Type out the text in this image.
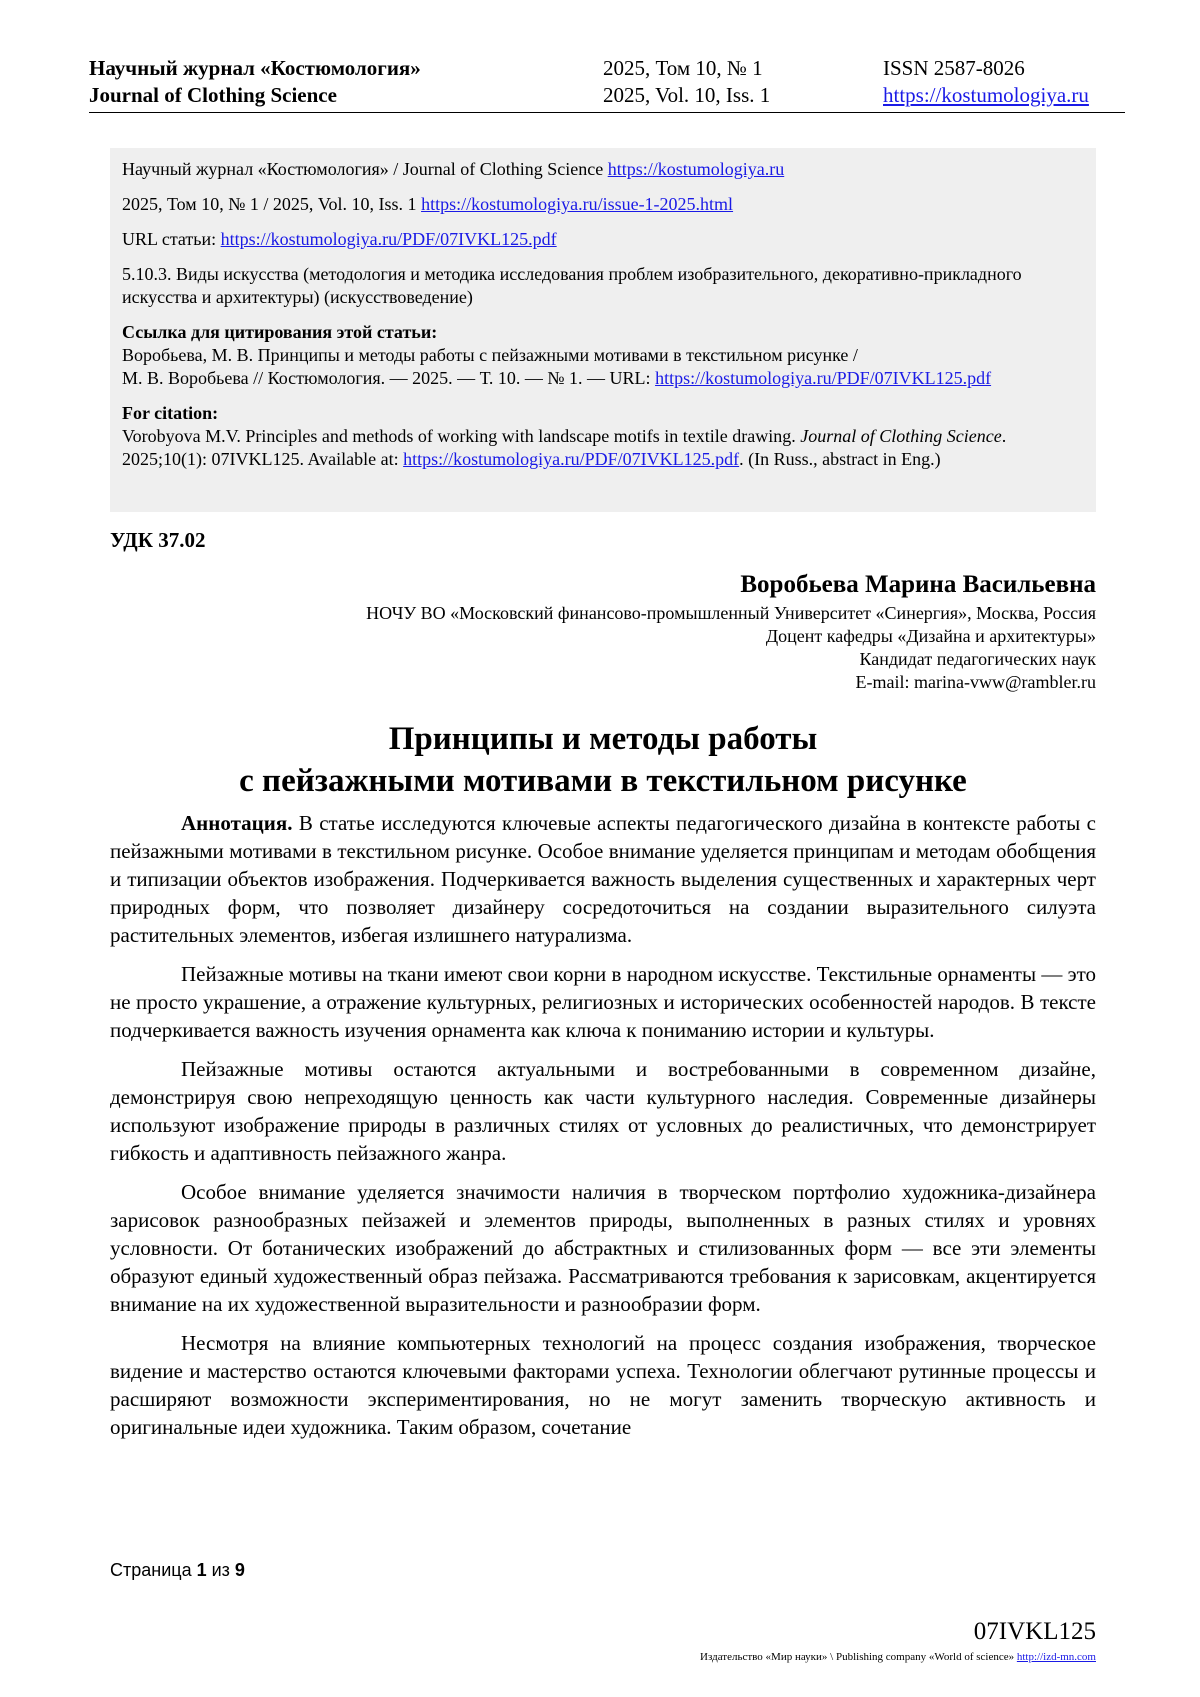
Научный журнал «Костюмология»
Journal of Clothing Science
2025, Том 10, № 1
2025, Vol. 10, Iss. 1
ISSN 2587-8026
https://kostumologiya.ru

Научный журнал «Костюмология» / Journal of Clothing Science https://kostumologiya.ru

2025, Том 10, № 1 / 2025, Vol. 10, Iss. 1 https://kostumologiya.ru/issue-1-2025.html

URL статьи: https://kostumologiya.ru/PDF/07IVKL125.pdf

5.10.3. Виды искусства (методология и методика исследования проблем изобразительного, декоративно-прикладного искусства и архитектуры) (искусствоведение)

Ссылка для цитирования этой статьи:
Воробьева, М. В. Принципы и методы работы с пейзажными мотивами в текстильном рисунке /
М. В. Воробьева // Костюмология. — 2025. — Т. 10. — № 1. — URL: https://kostumologiya.ru/PDF/07IVKL125.pdf

For citation:
Vorobyova M.V. Principles and methods of working with landscape motifs in textile drawing. Journal of Clothing Science. 2025;10(1): 07IVKL125. Available at: https://kostumologiya.ru/PDF/07IVKL125.pdf. (In Russ., abstract in Eng.)

УДК 37.02
Воробьева Марина Васильевна
НОЧУ ВО «Московский финансово-промышленный Университет «Синергия», Москва, Россия
Доцент кафедры «Дизайна и архитектуры»
Кандидат педагогических наук
E-mail: marina-vww@rambler.ru
Принципы и методы работы
с пейзажными мотивами в текстильном рисунке

Аннотация. В статье исследуются ключевые аспекты педагогического дизайна в контексте работы с пейзажными мотивами в текстильном рисунке. Особое внимание уделяется принципам и методам обобщения и типизации объектов изображения. Подчеркивается важность выделения существенных и характерных черт природных форм, что позволяет дизайнеру сосредоточиться на создании выразительного силуэта растительных элементов, избегая излишнего натурализма.

Пейзажные мотивы на ткани имеют свои корни в народном искусстве. Текстильные орнаменты — это не просто украшение, а отражение культурных, религиозных и исторических особенностей народов. В тексте подчеркивается важность изучения орнамента как ключа к пониманию истории и культуры.

Пейзажные мотивы остаются актуальными и востребованными в современном дизайне, демонстрируя свою непреходящую ценность как части культурного наследия. Современные дизайнеры используют изображение природы в различных стилях от условных до реалистичных, что демонстрирует гибкость и адаптивность пейзажного жанра.

Особое внимание уделяется значимости наличия в творческом портфолио художника-дизайнера зарисовок разнообразных пейзажей и элементов природы, выполненных в разных стилях и уровнях условности. От ботанических изображений до абстрактных и стилизованных форм — все эти элементы образуют единый художественный образ пейзажа. Рассматриваются требования к зарисовкам, акцентируется внимание на их художественной выразительности и разнообразии форм.

Несмотря на влияние компьютерных технологий на процесс создания изображения, творческое видение и мастерство остаются ключевыми факторами успеха. Технологии облегчают рутинные процессы и расширяют возможности экспериментирования, но не могут заменить творческую активность и оригинальные идеи художника. Таким образом, сочетание

Страница 1 из 9
07IVKL125
Издательство «Мир науки» \ Publishing company «World of science» http://izd-mn.com
